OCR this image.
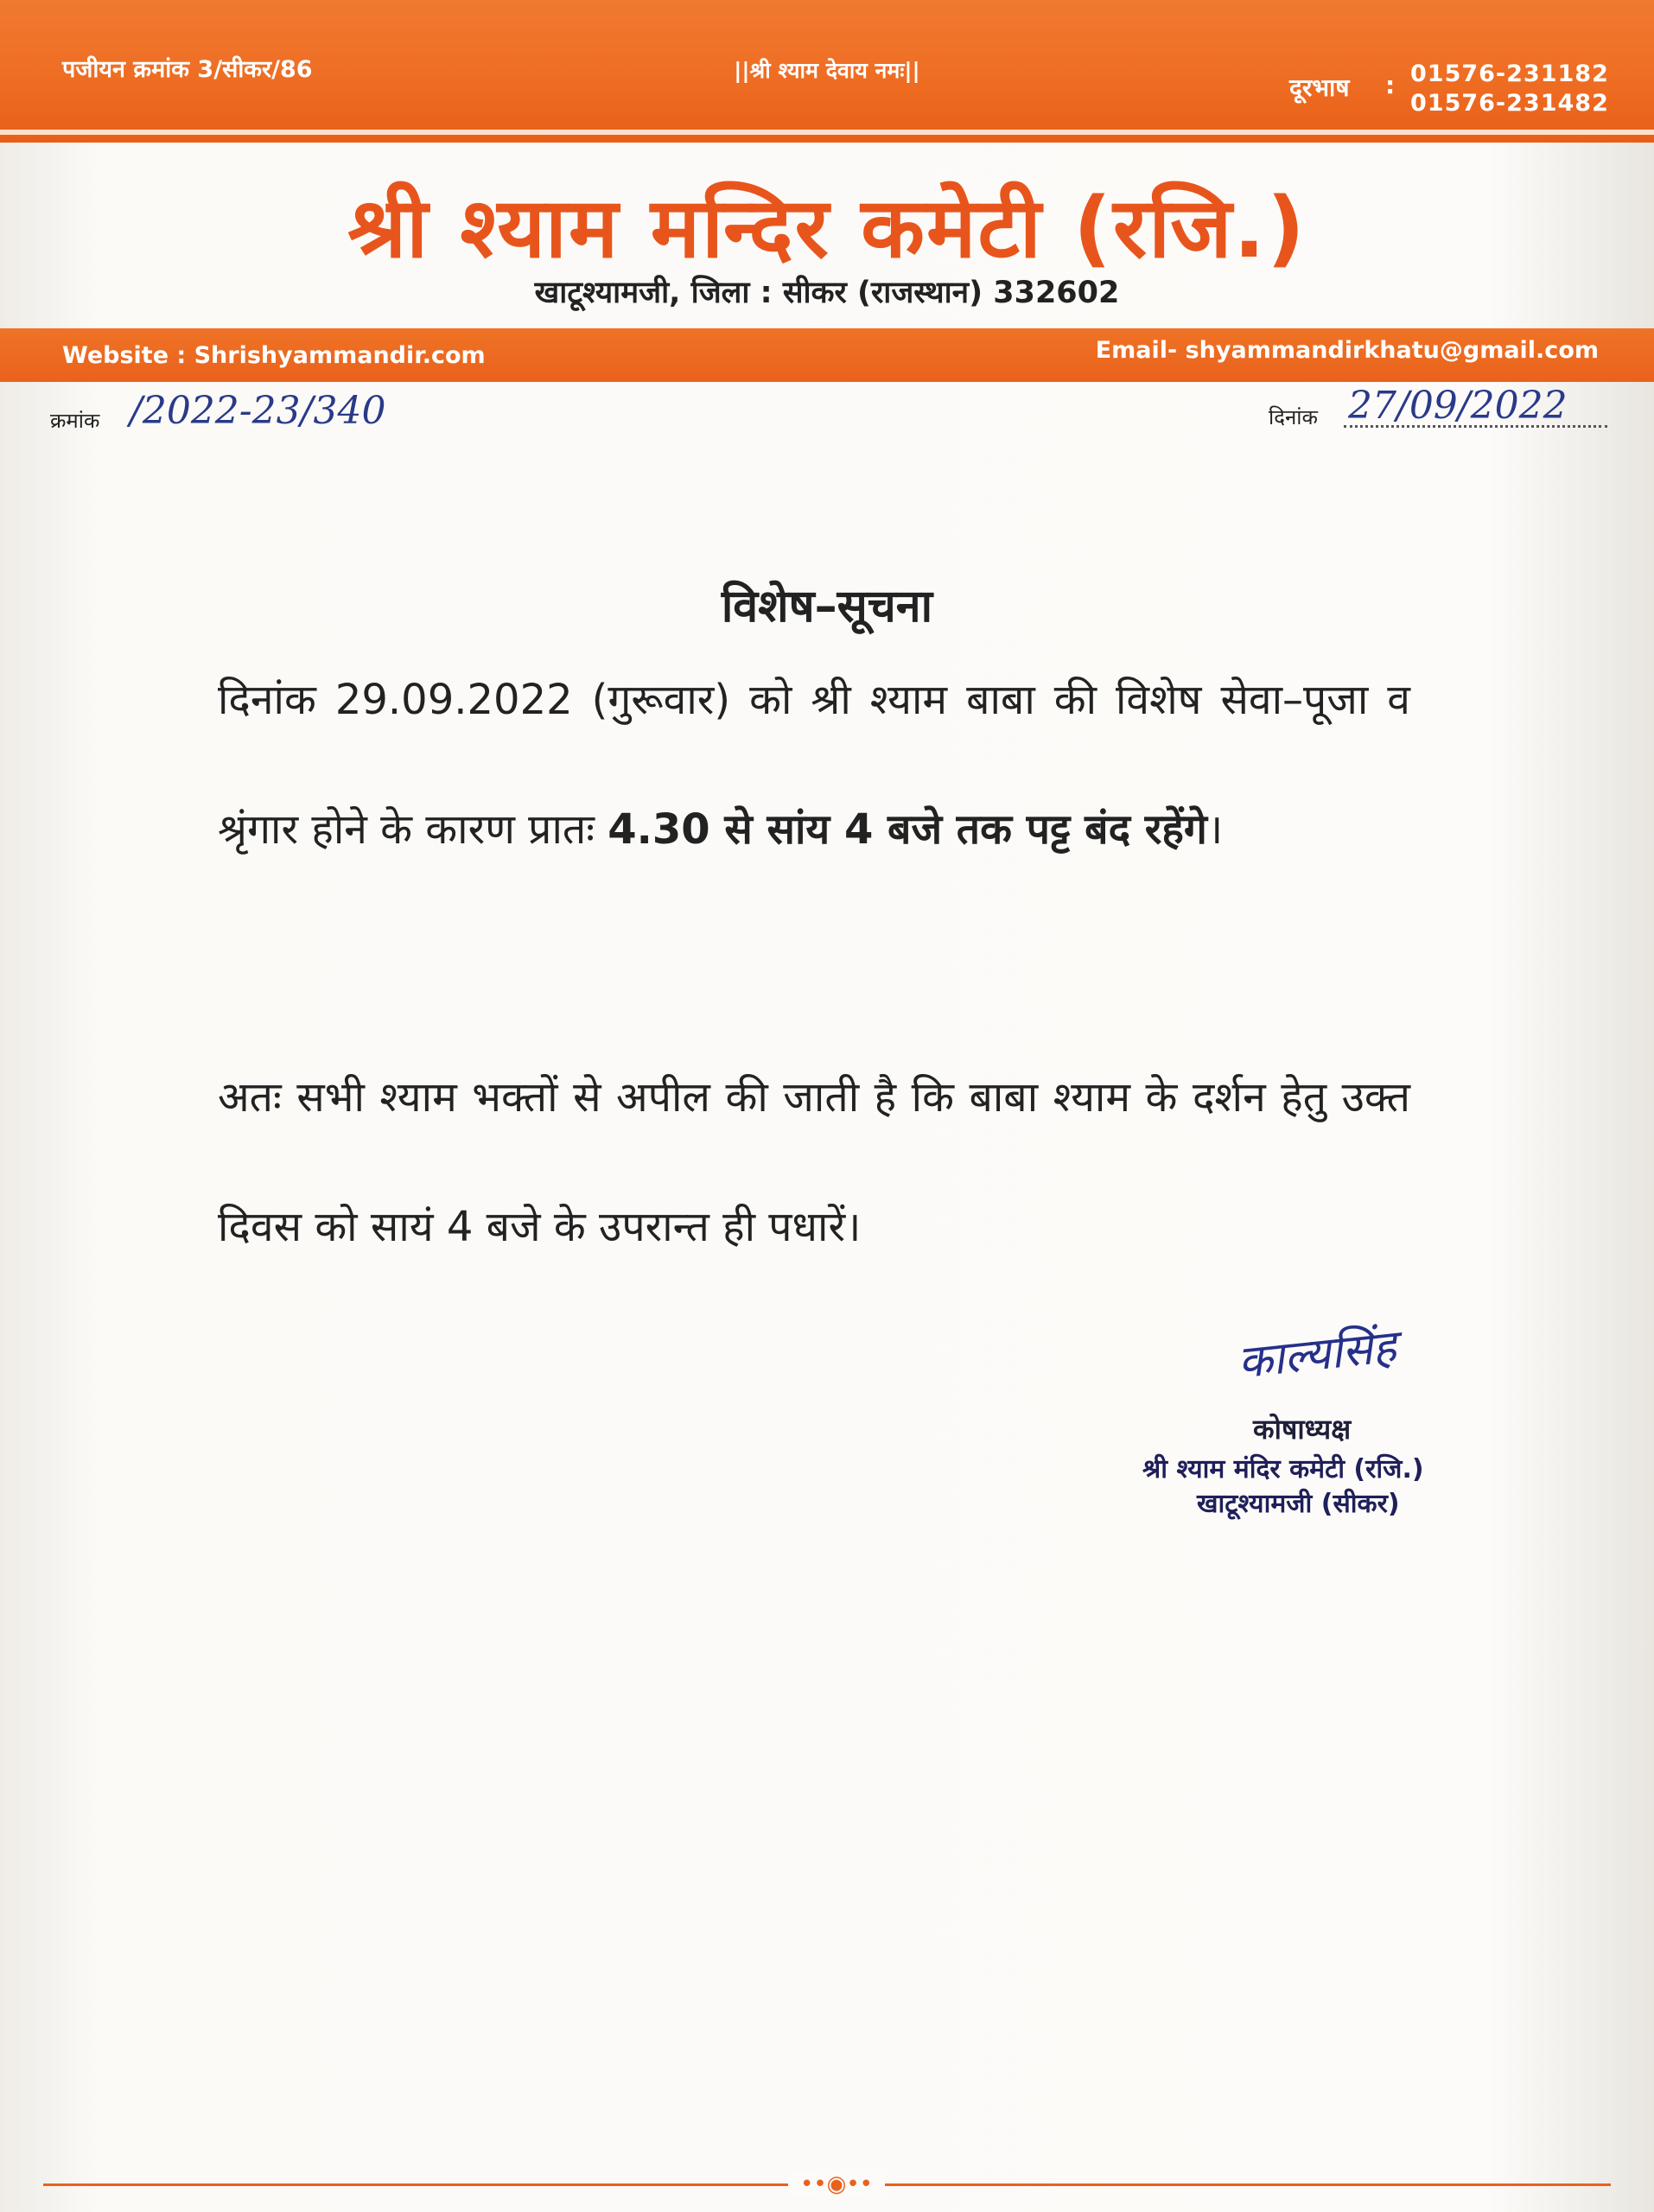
पजीयन क्रमांक 3/सीकर/86	||श्री श्याम देवाय नमः||
दूरभाष : 01576-231182
01576-231482
श्री श्याम मन्दिर कमेटी (रजि.)
खाटूश्यामजी, जिला : सीकर (राजस्थान) 332602
Website : Shrishyammandir.com	Email- shyammandirkhatu@gmail.com
क्रमांक /2022-23/340	दिनांक 27/09/2022
विशेष–सूचना
दिनांक 29.09.2022 (गुरूवार) को श्री श्याम बाबा की विशेष सेवा–पूजा व श्रृंगार होने के कारण प्रातः 4.30 से सांय 4 बजे तक पट्ट बंद रहेंगे।
अतः सभी श्याम भक्तों से अपील की जाती है कि बाबा श्याम के दर्शन हेतु उक्त दिवस को सायं 4 बजे के उपरान्त ही पधारें।
काल्यसिंह
कोषाध्यक्ष
श्री श्याम मंदिर कमेटी (रजि.)
खाटूश्यामजी (सीकर)
••◉••
